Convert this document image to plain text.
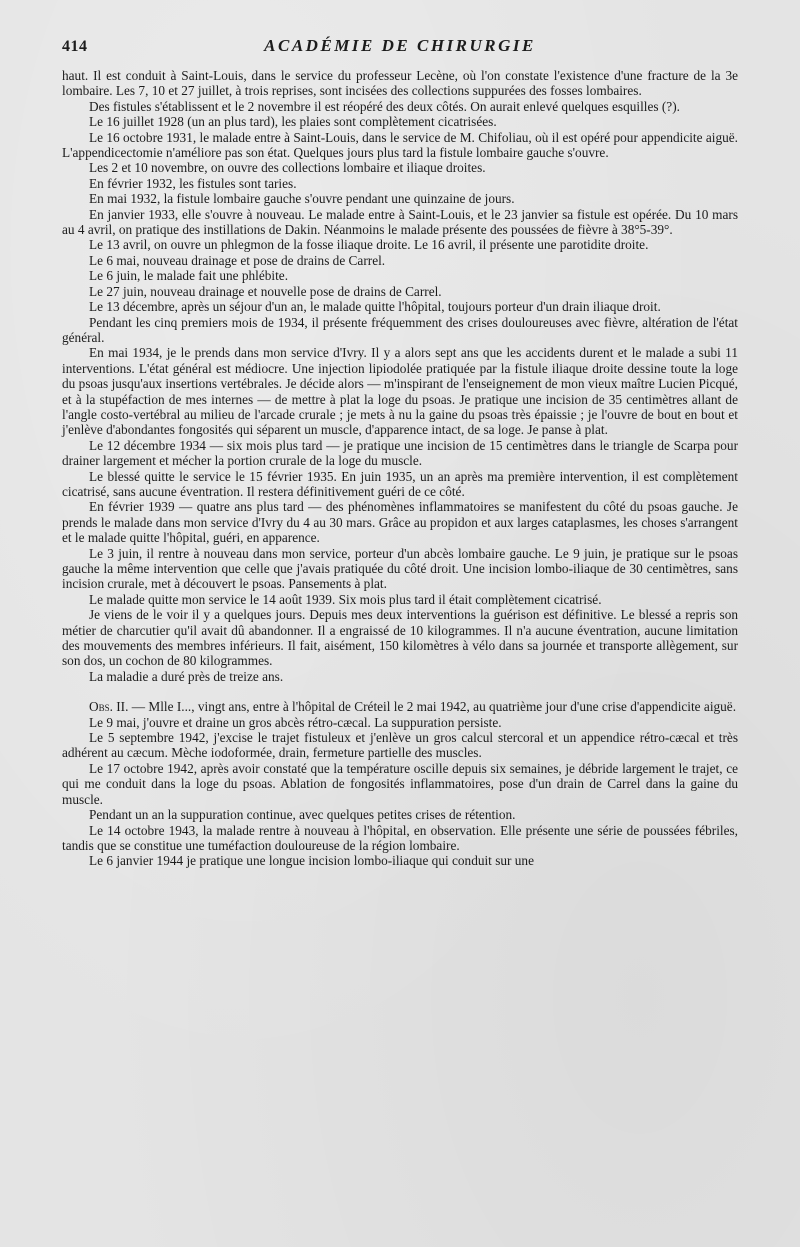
414	ACADÉMIE DE CHIRURGIE

haut. Il est conduit à Saint-Louis, dans le service du professeur Lecène, où l'on constate l'existence d'une fracture de la 3e lombaire. Les 7, 10 et 27 juillet, à trois reprises, sont incisées des collections suppurées des fosses lombaires.

Des fistules s'établissent et le 2 novembre il est réopéré des deux côtés. On aurait enlevé quelques esquilles (?).

Le 16 juillet 1928 (un an plus tard), les plaies sont complètement cicatrisées.

Le 16 octobre 1931, le malade entre à Saint-Louis, dans le service de M. Chifoliau, où il est opéré pour appendicite aiguë. L'appendicectomie n'améliore pas son état. Quelques jours plus tard la fistule lombaire gauche s'ouvre.

Les 2 et 10 novembre, on ouvre des collections lombaire et iliaque droites.

En février 1932, les fistules sont taries.

En mai 1932, la fistule lombaire gauche s'ouvre pendant une quinzaine de jours.

En janvier 1933, elle s'ouvre à nouveau. Le malade entre à Saint-Louis, et le 23 janvier sa fistule est opérée. Du 10 mars au 4 avril, on pratique des instillations de Dakin. Néanmoins le malade présente des poussées de fièvre à 38°5-39°.

Le 13 avril, on ouvre un phlegmon de la fosse iliaque droite. Le 16 avril, il présente une parotidite droite.

Le 6 mai, nouveau drainage et pose de drains de Carrel.

Le 6 juin, le malade fait une phlébite.

Le 27 juin, nouveau drainage et nouvelle pose de drains de Carrel.

Le 13 décembre, après un séjour d'un an, le malade quitte l'hôpital, toujours porteur d'un drain iliaque droit.

Pendant les cinq premiers mois de 1934, il présente fréquemment des crises douloureuses avec fièvre, altération de l'état général.

En mai 1934, je le prends dans mon service d'Ivry. Il y a alors sept ans que les accidents durent et le malade a subi 11 interventions. L'état général est médiocre. Une injection lipiodolée pratiquée par la fistule iliaque droite dessine toute la loge du psoas jusqu'aux insertions vertébrales. Je décide alors — m'inspirant de l'enseignement de mon vieux maître Lucien Picqué, et à la stupéfaction de mes internes — de mettre à plat la loge du psoas. Je pratique une incision de 35 centimètres allant de l'angle costo-vertébral au milieu de l'arcade crurale ; je mets à nu la gaine du psoas très épaissie ; je l'ouvre de bout en bout et j'enlève d'abondantes fongosités qui séparent un muscle, d'apparence intact, de sa loge. Je panse à plat.

Le 12 décembre 1934 — six mois plus tard — je pratique une incision de 15 centimètres dans le triangle de Scarpa pour drainer largement et mécher la portion crurale de la loge du muscle.

Le blessé quitte le service le 15 février 1935. En juin 1935, un an après ma première intervention, il est complètement cicatrisé, sans aucune éventration. Il restera définitivement guéri de ce côté.

En février 1939 — quatre ans plus tard — des phénomènes inflammatoires se manifestent du côté du psoas gauche. Je prends le malade dans mon service d'Ivry du 4 au 30 mars. Grâce au propidon et aux larges cataplasmes, les choses s'arrangent et le malade quitte l'hôpital, guéri, en apparence.

Le 3 juin, il rentre à nouveau dans mon service, porteur d'un abcès lombaire gauche. Le 9 juin, je pratique sur le psoas gauche la même intervention que celle que j'avais pratiquée du côté droit. Une incision lombo-iliaque de 30 centimètres, sans incision crurale, met à découvert le psoas. Pansements à plat.

Le malade quitte mon service le 14 août 1939. Six mois plus tard il était complètement cicatrisé.

Je viens de le voir il y a quelques jours. Depuis mes deux interventions la guérison est définitive. Le blessé a repris son métier de charcutier qu'il avait dû abandonner. Il a engraissé de 10 kilogrammes. Il n'a aucune éventration, aucune limitation des mouvements des membres inférieurs. Il fait, aisément, 150 kilomètres à vélo dans sa journée et transporte allègement, sur son dos, un cochon de 80 kilogrammes.

La maladie a duré près de treize ans.

Obs. II. — Mlle I..., vingt ans, entre à l'hôpital de Créteil le 2 mai 1942, au quatrième jour d'une crise d'appendicite aiguë.

Le 9 mai, j'ouvre et draine un gros abcès rétro-cæcal. La suppuration persiste.

Le 5 septembre 1942, j'excise le trajet fistuleux et j'enlève un gros calcul stercoral et un appendice rétro-cæcal et très adhérent au cæcum. Mèche iodoformée, drain, fermeture partielle des muscles.

Le 17 octobre 1942, après avoir constaté que la température oscille depuis six semaines, je débride largement le trajet, ce qui me conduit dans la loge du psoas. Ablation de fongosités inflammatoires, pose d'un drain de Carrel dans la gaine du muscle.

Pendant un an la suppuration continue, avec quelques petites crises de rétention.

Le 14 octobre 1943, la malade rentre à nouveau à l'hôpital, en observation. Elle présente une série de poussées fébriles, tandis que se constitue une tuméfaction douloureuse de la région lombaire.

Le 6 janvier 1944 je pratique une longue incision lombo-iliaque qui conduit sur une
